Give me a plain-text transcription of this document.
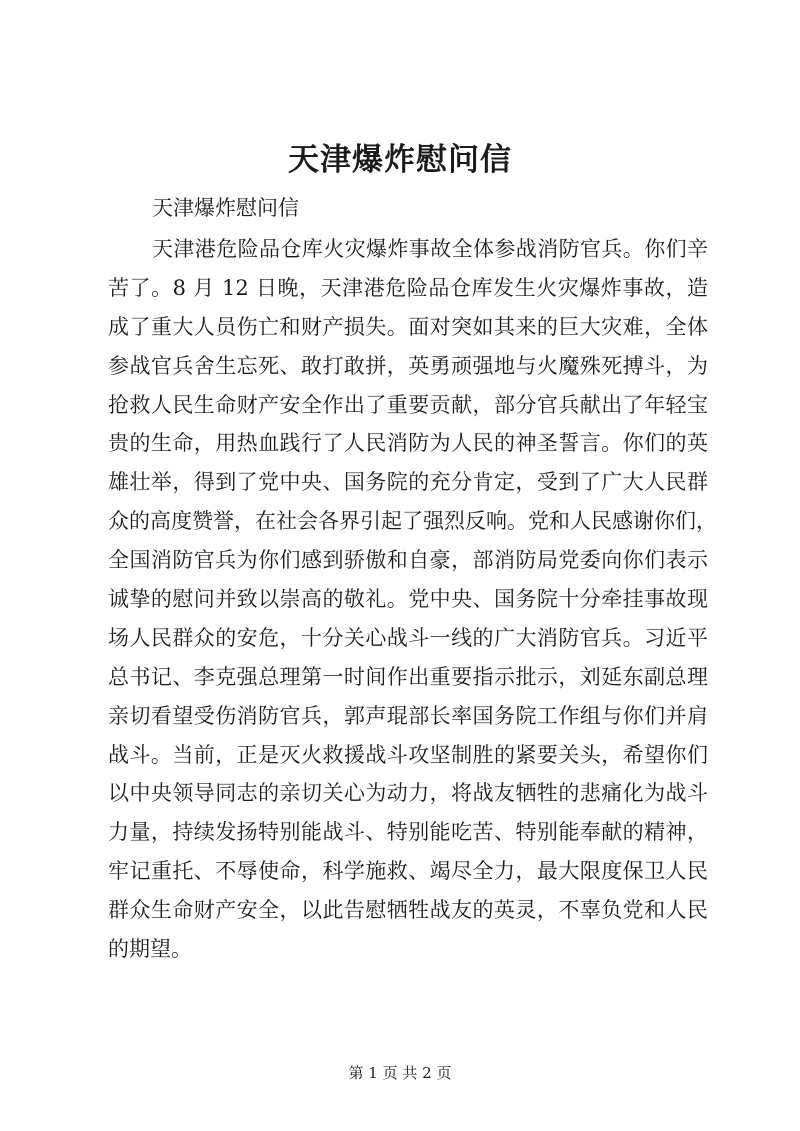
天津爆炸慰问信
天津爆炸慰问信
天津港危险品仓库火灾爆炸事故全体参战消防官兵。你们辛
苦了。8 月 12 日晚，天津港危险品仓库发生火灾爆炸事故，造
成了重大人员伤亡和财产损失。面对突如其来的巨大灾难，全体
参战官兵舍生忘死、敢打敢拼，英勇顽强地与火魔殊死搏斗，为
抢救人民生命财产安全作出了重要贡献，部分官兵献出了年轻宝
贵的生命，用热血践行了人民消防为人民的神圣誓言。你们的英
雄壮举，得到了党中央、国务院的充分肯定，受到了广大人民群
众的高度赞誉，在社会各界引起了强烈反响。党和人民感谢你们，
全国消防官兵为你们感到骄傲和自豪，部消防局党委向你们表示
诚挚的慰问并致以崇高的敬礼。党中央、国务院十分牵挂事故现
场人民群众的安危，十分关心战斗一线的广大消防官兵。习近平
总书记、李克强总理第一时间作出重要指示批示，刘延东副总理
亲切看望受伤消防官兵，郭声琨部长率国务院工作组与你们并肩
战斗。当前，正是灭火救援战斗攻坚制胜的紧要关头，希望你们
以中央领导同志的亲切关心为动力，将战友牺牲的悲痛化为战斗
力量，持续发扬特别能战斗、特别能吃苦、特别能奉献的精神，
牢记重托、不辱使命，科学施救、竭尽全力，最大限度保卫人民
群众生命财产安全，以此告慰牺牲战友的英灵，不辜负党和人民
的期望。
第 1 页 共 2 页
